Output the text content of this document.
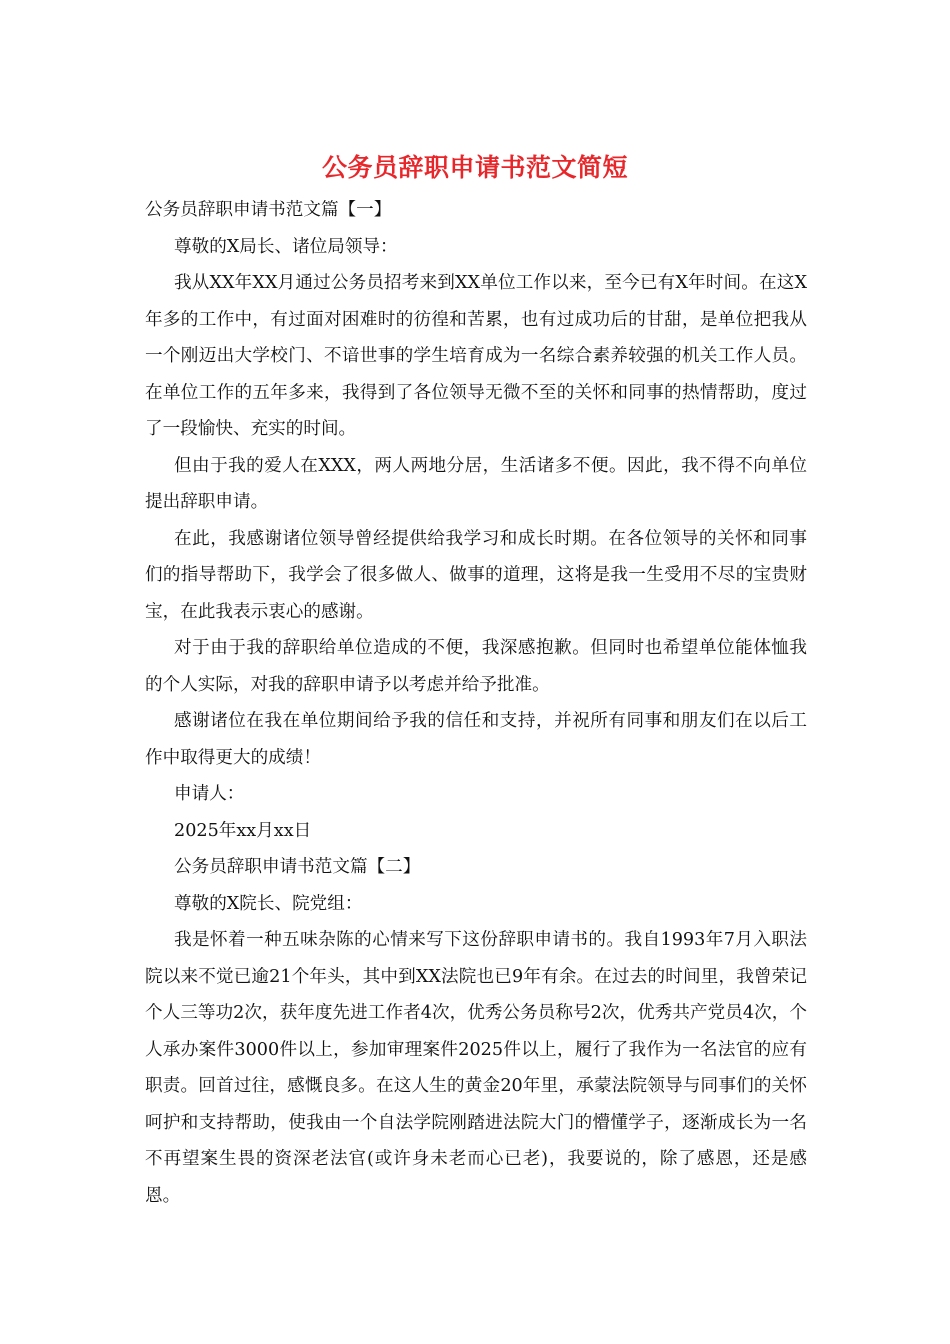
公务员辞职申请书范文简短

公务员辞职申请书范文篇【一】

尊敬的X局长、诸位局领导：

我从XX年XX月通过公务员招考来到XX单位工作以来，至今已有X年时间。在这X年多的工作中，有过面对困难时的彷徨和苦累，也有过成功后的甘甜，是单位把我从一个刚迈出大学校门、不谙世事的学生培育成为一名综合素养较强的机关工作人员。在单位工作的五年多来，我得到了各位领导无微不至的关怀和同事的热情帮助，度过了一段愉快、充实的时间。

但由于我的爱人在XXX，两人两地分居，生活诸多不便。因此，我不得不向单位提出辞职申请。

在此，我感谢诸位领导曾经提供给我学习和成长时期。在各位领导的关怀和同事们的指导帮助下，我学会了很多做人、做事的道理，这将是我一生受用不尽的宝贵财宝，在此我表示衷心的感谢。

对于由于我的辞职给单位造成的不便，我深感抱歉。但同时也希望单位能体恤我的个人实际，对我的辞职申请予以考虑并给予批准。

感谢诸位在我在单位期间给予我的信任和支持，并祝所有同事和朋友们在以后工作中取得更大的成绩！

申请人：

2025年xx月xx日

公务员辞职申请书范文篇【二】

尊敬的X院长、院党组：

我是怀着一种五味杂陈的心情来写下这份辞职申请书的。我自1993年7月入职法院以来不觉已逾21个年头，其中到XX法院也已9年有余。在过去的时间里，我曾荣记个人三等功2次，获年度先进工作者4次，优秀公务员称号2次，优秀共产党员4次，个人承办案件3000件以上，参加审理案件2025件以上，履行了我作为一名法官的应有职责。回首过往，感慨良多。在这人生的黄金20年里，承蒙法院领导与同事们的关怀呵护和支持帮助，使我由一个自法学院刚踏进法院大门的懵懂学子，逐渐成长为一名不再望案生畏的资深老法官(或许身未老而心已老)，我要说的，除了感恩，还是感恩。
